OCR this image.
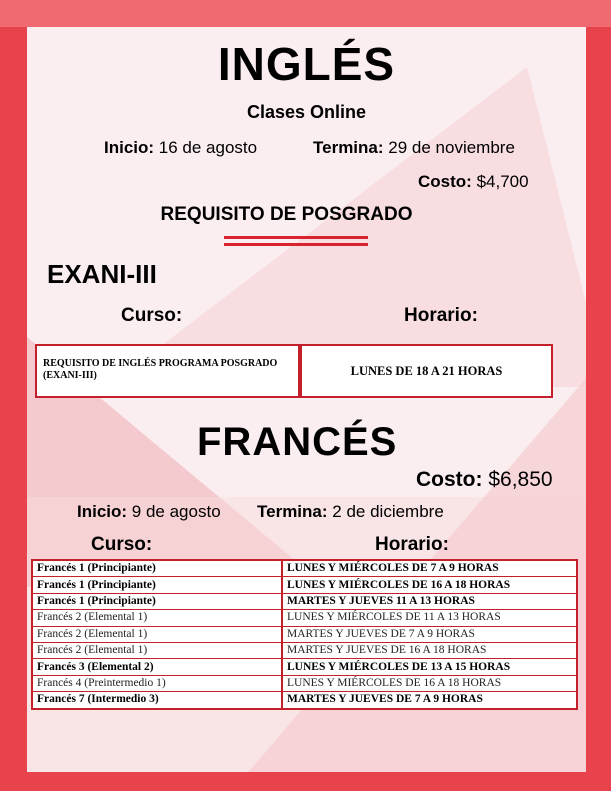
INGLÉS
Clases Online
Inicio: 16 de agosto	Termina: 29 de noviembre
Costo: $4,700
REQUISITO DE POSGRADO
EXANI-III
Curso:	Horario:
REQUISITO DE INGLÉS PROGRAMA POSGRADO (EXANI-III)	LUNES DE 18 A 21 HORAS
FRANCÉS
Costo: $6,850
Inicio: 9 de agosto Termina: 2 de diciembre
Curso:	Horario:
Francés 1 (Principiante)	LUNES Y MIÉRCOLES DE 7 A 9 HORAS
Francés 1 (Principiante)	LUNES Y MIÉRCOLES DE 16 A 18 HORAS
Francés 1 (Principiante)	MARTES Y JUEVES 11 A 13 HORAS
Francés 2 (Elemental 1)	LUNES Y MIÉRCOLES DE 11 A 13 HORAS
Francés 2 (Elemental 1)	MARTES Y JUEVES DE 7 A 9 HORAS
Francés 2 (Elemental 1)	MARTES Y JUEVES DE 16 A 18 HORAS
Francés 3 (Elemental 2)	LUNES Y MIÉRCOLES DE 13 A 15 HORAS
Francés 4 (Preintermedio 1)	LUNES Y MIÉRCOLES DE 16 A 18 HORAS
Francés 7 (Intermedio 3)	MARTES Y JUEVES DE 7 A 9 HORAS
